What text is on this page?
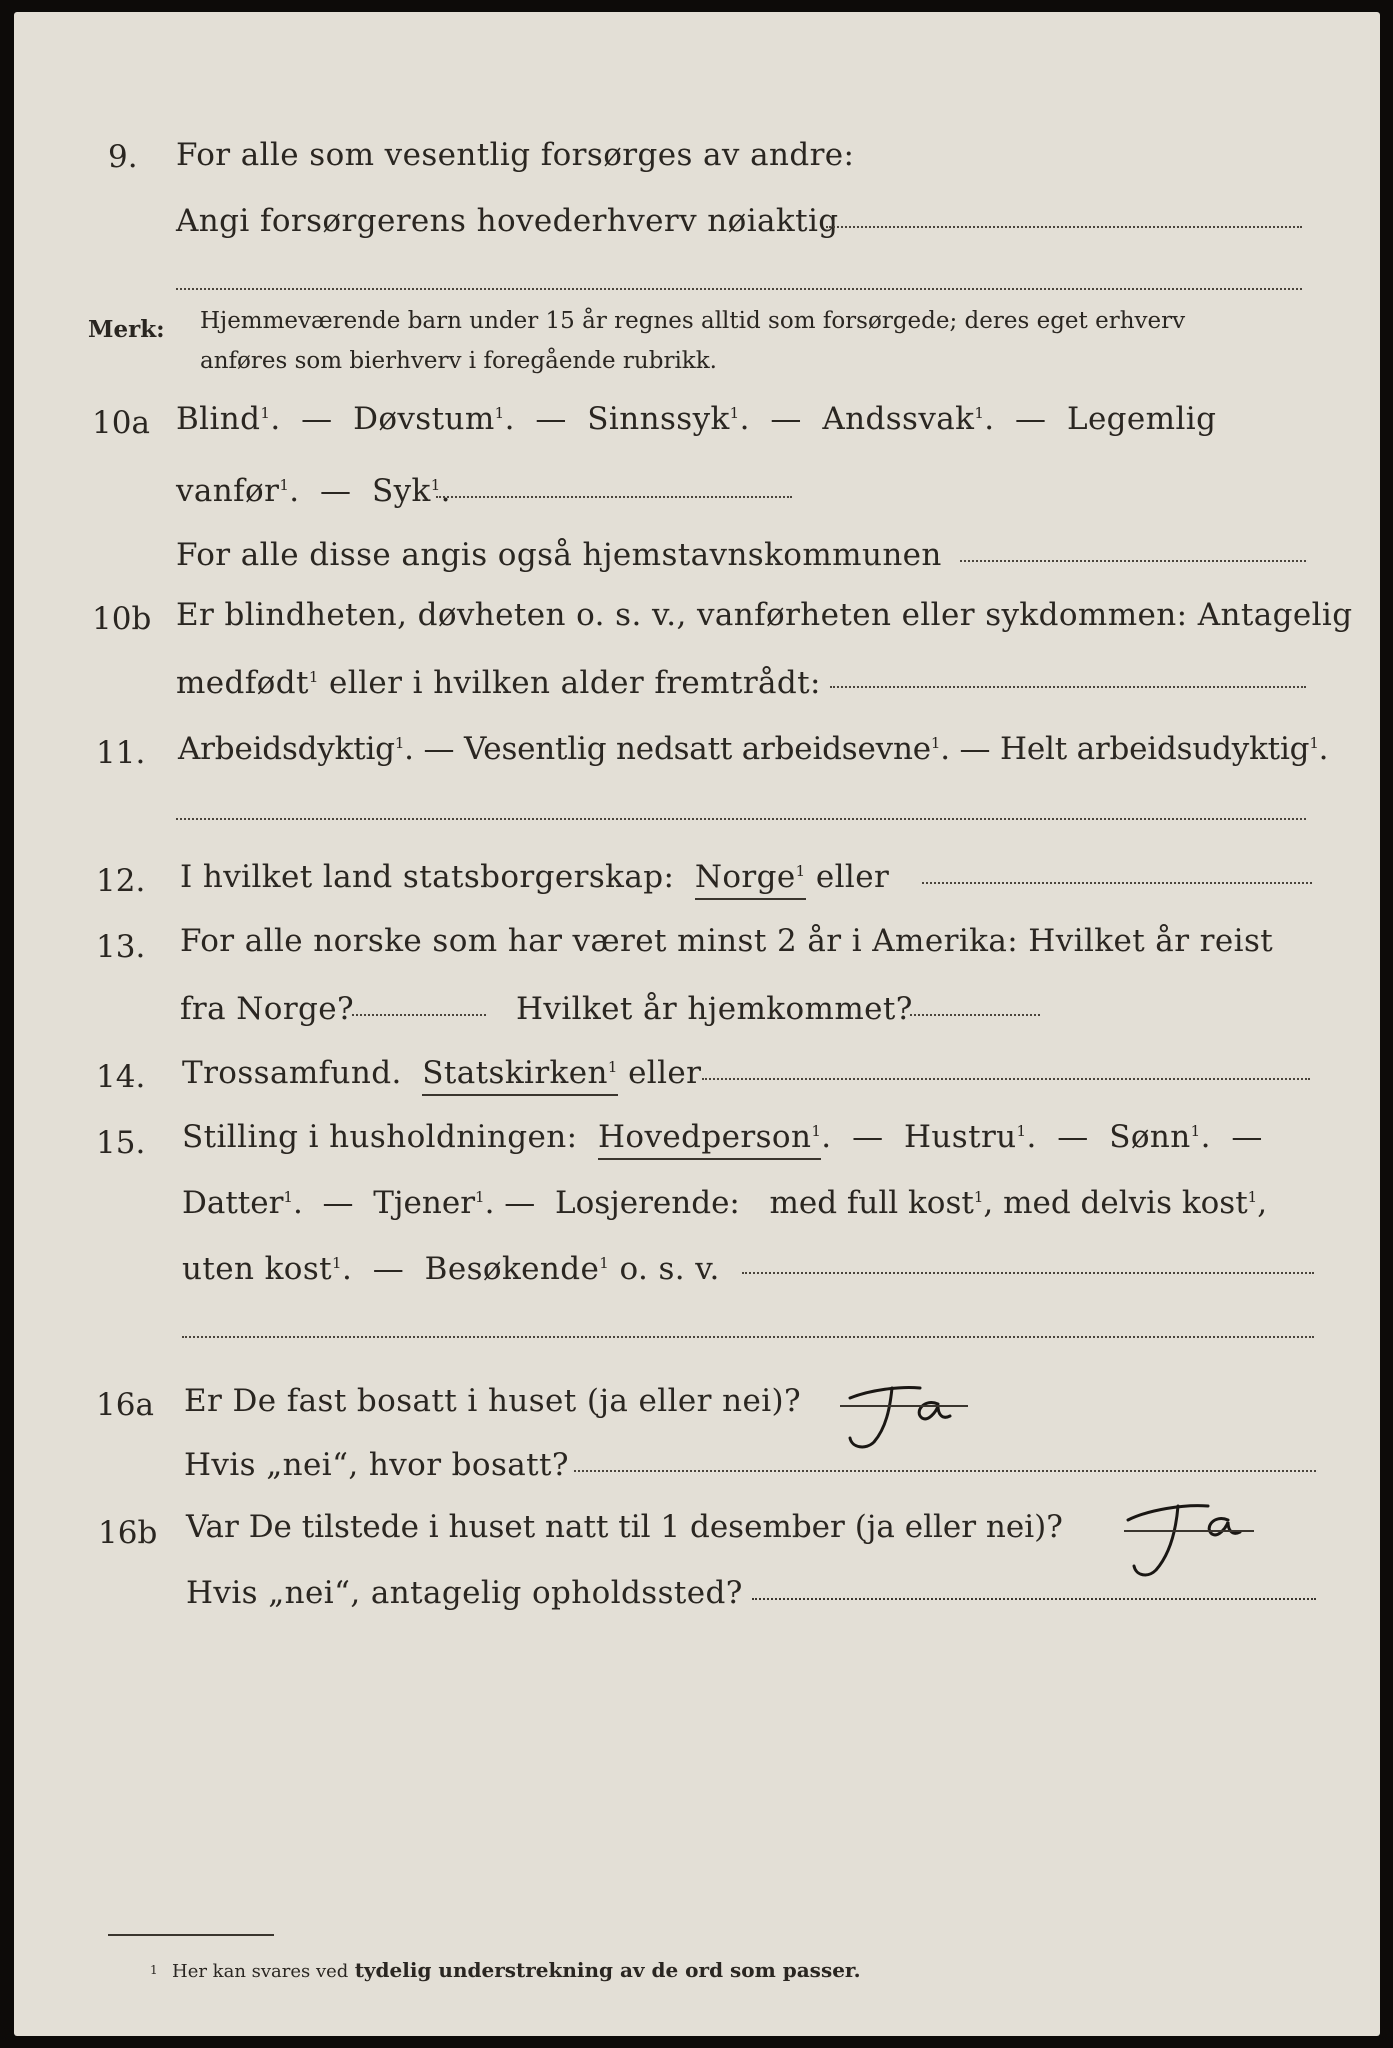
9. For alle som vesentlig forsørges av andre:
Angi forsørgerens hovederhverv nøiaktig
Merk: Hjemmeværende barn under 15 år regnes alltid som forsørgede; deres eget erhverv
anføres som bierhverv i foregående rubrikk.
10a Blind$^1$.  — Døvstum$^1$.  — Sinnssyk$^1$.  — Andssvak$^1$.  — Legemlig
vanfør$^1$.  — Syk$^1$.
For alle disse angis også hjemstavnskommunen
10b Er blindheten, døvheten o. s. v., vanførheten eller sykdommen: Antagelig
medfødt$^1$ eller i hvilken alder fremtrådt:
11. Arbeidsdyktig$^1$. — Vesentlig nedsatt arbeidsevne$^1$. — Helt arbeidsudyktig$^1$.
12. I hvilket land statsborgerskap: Norge$^1$ eller
13. For alle norske som har været minst 2 år i Amerika: Hvilket år reist
fra Norge?	Hvilket år hjemkommet?
14. Trossamfund. Statskirken$^1$ eller
15. Stilling i husholdningen: Hovedperson$^1$.  — Hustru$^1$.  — Sønn$^1$.  —
Datter$^1$.  — Tjener$^1$. — Losjerende: med full kost$^1$, med delvis kost$^1$,
uten kost$^1$.  — Besøkende$^1$ o. s. v.
16a Er De fast bosatt i huset (ja eller nei)?
Ja
Hvis „nei“, hvor bosatt?
16b Var De tilstede i huset natt til 1 desember (ja eller nei)?
Hvis „nei“, antagelig opholdssted?
1 Her kan svares ved tydelig understrekning av de ord som passer.
